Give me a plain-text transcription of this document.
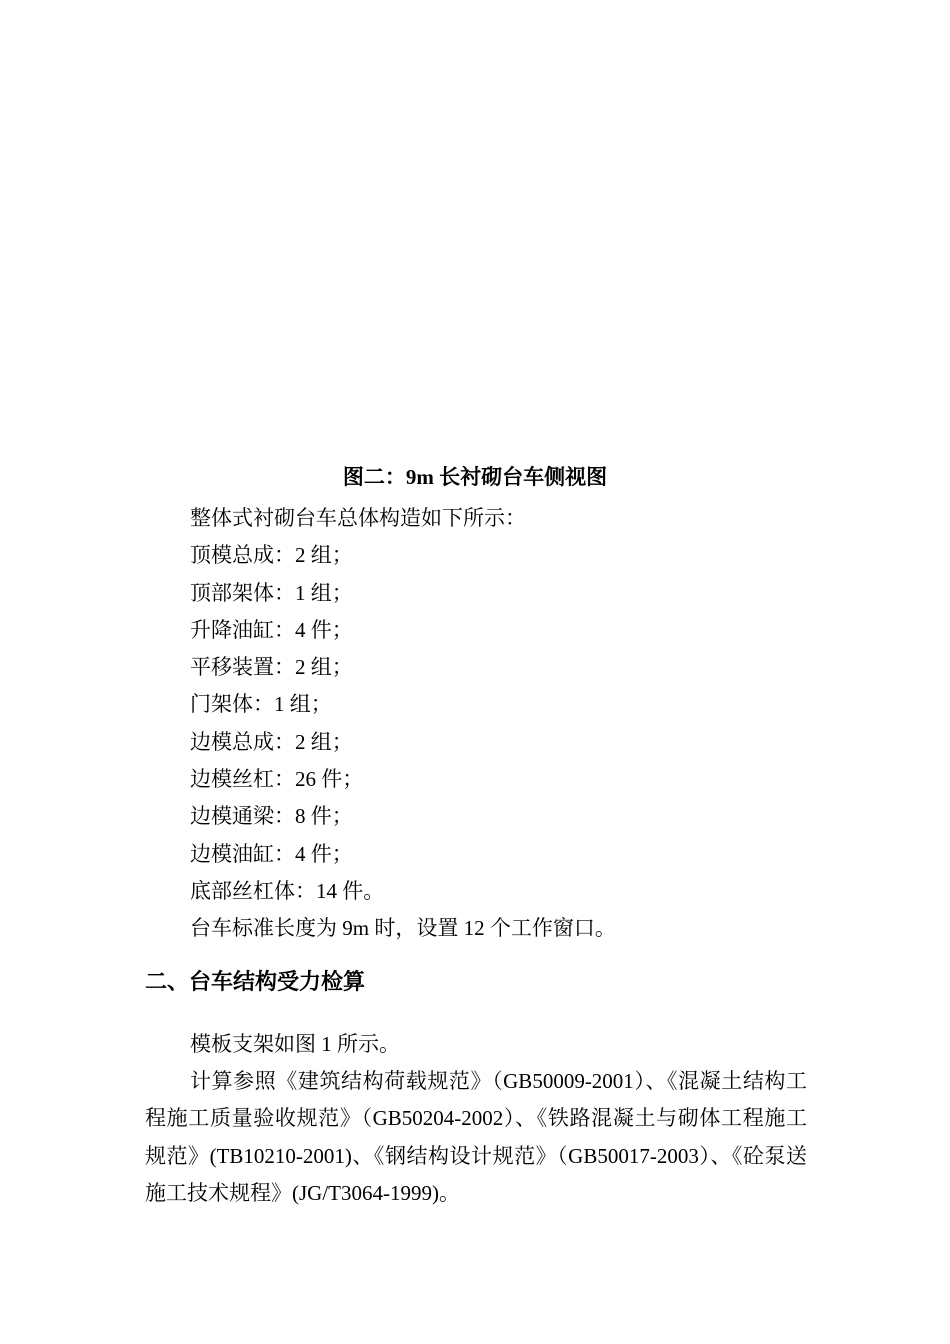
图二：9m 长衬砌台车侧视图
整体式衬砌台车总体构造如下所示：
顶模总成：2 组；
顶部架体：1 组；
升降油缸：4 件；
平移装置：2 组；
门架体：1 组；
边模总成：2 组；
边模丝杠：26 件；
边模通梁：8 件；
边模油缸：4 件；
底部丝杠体：14 件。
台车标准长度为 9m 时，设置 12 个工作窗口。
二、台车结构受力检算

模板支架如图 1 所示。

计算参照《建筑结构荷载规范》（GB50009-2001）、《混凝土结构工程施工质量验收规范》（GB50204-2002）、《铁路混凝土与砌体工程施工规范》(TB10210-2001)、《钢结构设计规范》（GB50017-2003）、《砼泵送施工技术规程》(JG/T3064-1999)。
